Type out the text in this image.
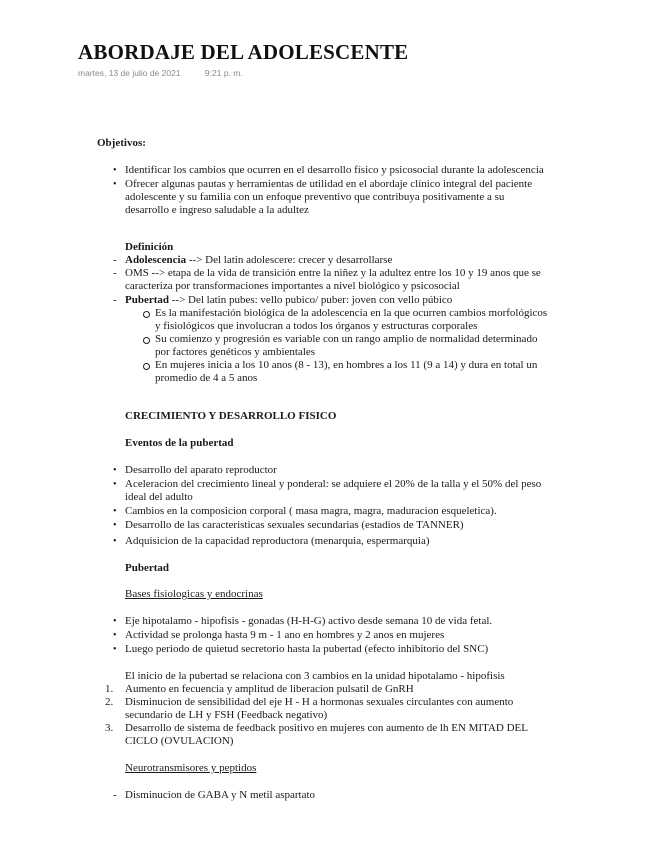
ABORDAJE DEL ADOLESCENTE
martes, 13 de julio de 2021	9:21 p. m.
Objetivos:
• Identificar los cambios que ocurren en el desarrollo físico y psicosocial durante la adolescencia
• Ofrecer algunas pautas y herramientas de utilidad en el abordaje clínico integral del paciente
adolescente y su familia con un enfoque preventivo que contribuya positivamente a su
desarrollo e ingreso saludable a la adultez
Definición
- Adolescencia --> Del latin adolescere: crecer y desarrollarse
- OMS --> etapa de la vida de transición entre la niñez y la adultez entre los 10 y 19 anos que se
caracteriza por transformaciones importantes a nivel biológico y psicosocial
- Pubertad --> Del latin pubes: vello pubico/ puber: joven con vello púbico
Es la manifestación biológica de la adolescencia en la que ocurren cambios morfológicos
y fisiológicos que involucran a todos los órganos y estructuras corporales
Su comienzo y progresión es variable con un rango amplio de normalidad determinado
por factores genéticos y ambientales
En mujeres inicia a los 10 anos (8 - 13), en hombres a los 11 (9 a 14) y dura en total un
promedio de 4 a 5 anos
CRECIMIENTO Y DESARROLLO FISICO
Eventos de la pubertad
• Desarrollo del aparato reproductor
• Aceleracion del crecimiento lineal y ponderal: se adquiere el 20% de la talla y el 50% del peso
ideal del adulto
• Cambios en la composicion corporal ( masa magra, magra, maduracion esqueletica).
• Desarrollo de las caracteristicas sexuales secundarias (estadios de TANNER)
• Adquisicion de la capacidad reproductora (menarquia, espermarquia)
Pubertad
Bases fisiologicas y endocrinas
• Eje hipotalamo - hipofisis - gonadas (H-H-G) activo desde semana 10 de vida fetal.
• Actividad se prolonga hasta 9 m - 1 ano en hombres y 2 anos en mujeres
• Luego periodo de quietud secretorio hasta la pubertad (efecto inhibitorio del SNC)
El inicio de la pubertad se relaciona con 3 cambios en la unidad hipotalamo - hipofisis
1. Aumento en fecuencia y amplitud de liberacion pulsatil de GnRH
2. Disminucion de sensibilidad del eje H - H a hormonas sexuales circulantes con aumento
secundario de LH y FSH (Feedback negativo)
3. Desarrollo de sistema de feedback positivo en mujeres con aumento de lh EN MITAD DEL
CICLO (OVULACION)
Neurotransmisores y peptidos
- Disminucion de GABA y N metil aspartato
